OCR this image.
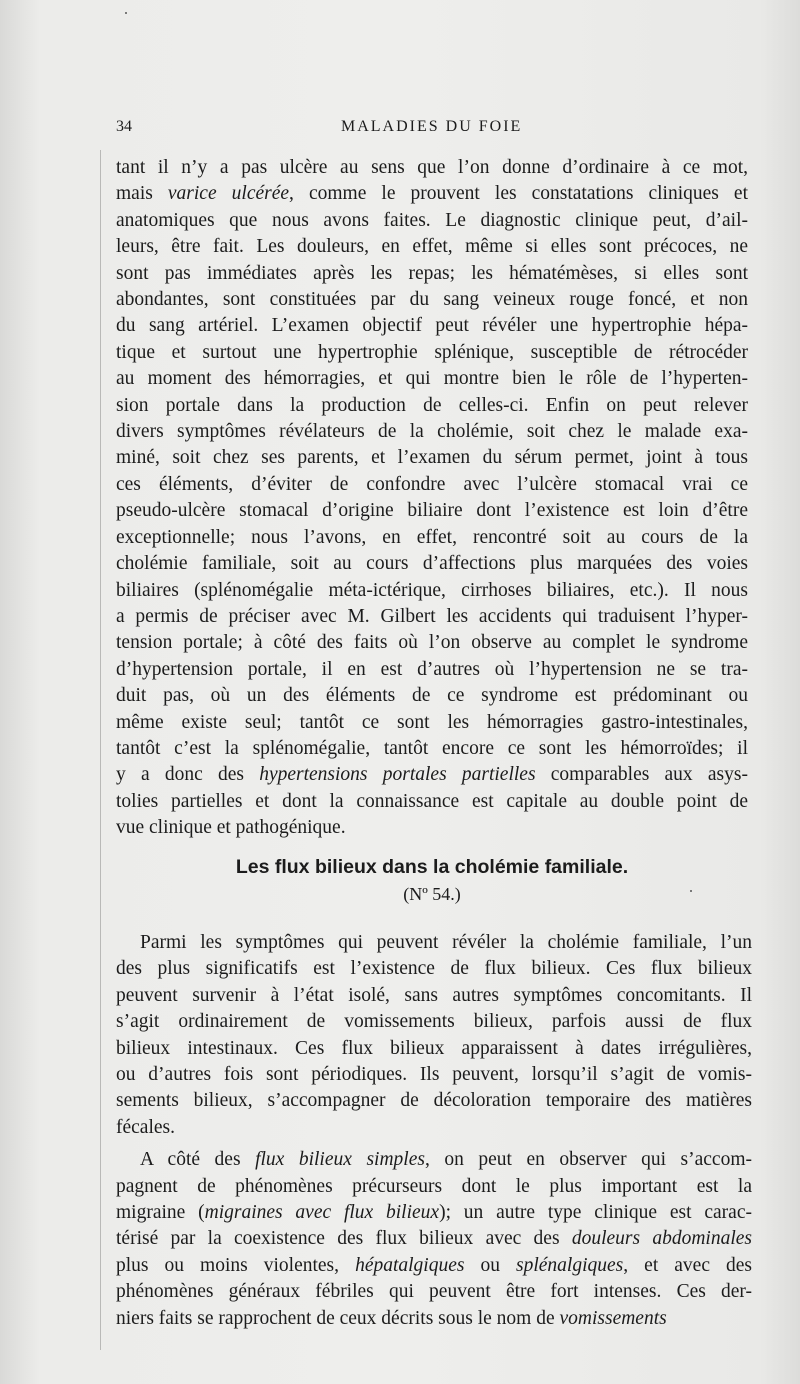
34	MALADIES DU FOIE
tant il n’y a pas ulcère au sens que l’on donne d’ordinaire à ce mot,
mais varice ulcérée, comme le prouvent les constatations cliniques et
anatomiques que nous avons faites. Le diagnostic clinique peut, d’ail-
leurs, être fait. Les douleurs, en effet, même si elles sont précoces, ne
sont pas immédiates après les repas; les hématémèses, si elles sont
abondantes, sont constituées par du sang veineux rouge foncé, et non
du sang artériel. L’examen objectif peut révéler une hypertrophie hépa-
tique et surtout une hypertrophie splénique, susceptible de rétrocéder
au moment des hémorragies, et qui montre bien le rôle de l’hyperten-
sion portale dans la production de celles-ci. Enfin on peut relever
divers symptômes révélateurs de la cholémie, soit chez le malade exa-
miné, soit chez ses parents, et l’examen du sérum permet, joint à tous
ces éléments, d’éviter de confondre avec l’ulcère stomacal vrai ce
pseudo-ulcère stomacal d’origine biliaire dont l’existence est loin d’être
exceptionnelle; nous l’avons, en effet, rencontré soit au cours de la
cholémie familiale, soit au cours d’affections plus marquées des voies
biliaires (splénomégalie méta-ictérique, cirrhoses biliaires, etc.). Il nous
a permis de préciser avec M. Gilbert les accidents qui traduisent l’hyper-
tension portale; à côté des faits où l’on observe au complet le syndrome
d’hypertension portale, il en est d’autres où l’hypertension ne se tra-
duit pas, où un des éléments de ce syndrome est prédominant ou
même existe seul; tantôt ce sont les hémorragies gastro-intestinales,
tantôt c’est la splénomégalie, tantôt encore ce sont les hémorroïdes; il
y a donc des hypertensions portales partielles comparables aux asys-
tolies partielles et dont la connaissance est capitale au double point de
vue clinique et pathogénique.
Les flux bilieux dans la cholémie familiale.
(Nº 54.)
Parmi les symptômes qui peuvent révéler la cholémie familiale, l’un
des plus significatifs est l’existence de flux bilieux. Ces flux bilieux
peuvent survenir à l’état isolé, sans autres symptômes concomitants. Il
s’agit ordinairement de vomissements bilieux, parfois aussi de flux
bilieux intestinaux. Ces flux bilieux apparaissent à dates irrégulières,
ou d’autres fois sont périodiques. Ils peuvent, lorsqu’il s’agit de vomis-
sements bilieux, s’accompagner de décoloration temporaire des matières
fécales.
A côté des flux bilieux simples, on peut en observer qui s’accom-
pagnent de phénomènes précurseurs dont le plus important est la
migraine (migraines avec flux bilieux); un autre type clinique est carac-
térisé par la coexistence des flux bilieux avec des douleurs abdominales
plus ou moins violentes, hépatalgiques ou splénalgiques, et avec des
phénomènes généraux fébriles qui peuvent être fort intenses. Ces der-
niers faits se rapprochent de ceux décrits sous le nom de vomissements
